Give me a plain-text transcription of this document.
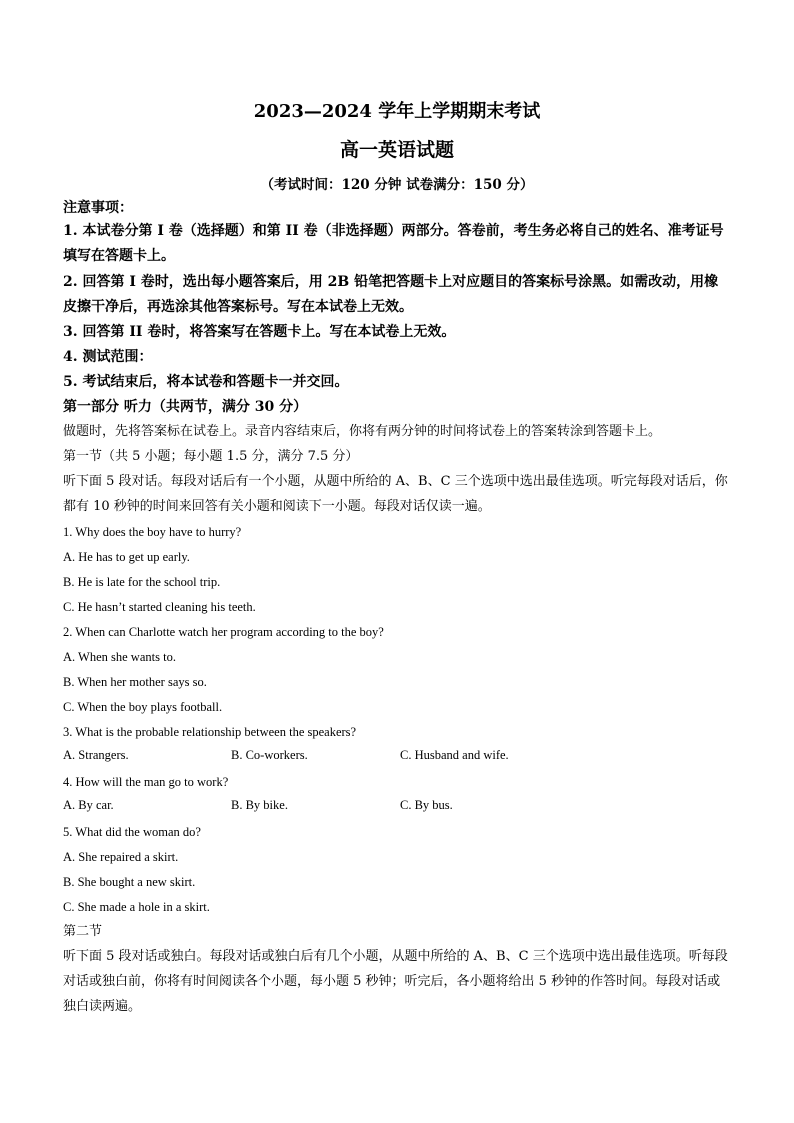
2023—2024 学年上学期期末考试
高一英语试题
（考试时间：120 分钟 试卷满分：150 分）
注意事项：
1. 本试卷分第 I 卷（选择题）和第 II 卷（非选择题）两部分。答卷前，考生务必将自己的姓名、准考证号填写在答题卡上。
2. 回答第 I 卷时，选出每小题答案后，用 2B 铅笔把答题卡上对应题目的答案标号涂黑。如需改动，用橡皮擦干净后，再选涂其他答案标号。写在本试卷上无效。
3. 回答第 II 卷时，将答案写在答题卡上。写在本试卷上无效。
4. 测试范围：
5. 考试结束后，将本试卷和答题卡一并交回。
第一部分 听力（共两节，满分 30 分）
做题时，先将答案标在试卷上。录音内容结束后，你将有两分钟的时间将试卷上的答案转涂到答题卡上。
第一节（共 5 小题；每小题 1.5 分，满分 7.5 分）
听下面 5 段对话。每段对话后有一个小题，从题中所给的 A、B、C 三个选项中选出最佳选项。听完每段对话后，你都有 10 秒钟的时间来回答有关小题和阅读下一小题。每段对话仅读一遍。
1. Why does the boy have to hurry?
A. He has to get up early.
B. He is late for the school trip.
C. He hasn’t started cleaning his teeth.
2. When can Charlotte watch her program according to the boy?
A. When she wants to.
B. When her mother says so.
C. When the boy plays football.
3. What is the probable relationship between the speakers?
A. Strangers.	B. Co-workers.	C. Husband and wife.
4. How will the man go to work?
A. By car.	B. By bike.	C. By bus.
5. What did the woman do?
A. She repaired a skirt.
B. She bought a new skirt.
C. She made a hole in a skirt.
第二节
听下面 5 段对话或独白。每段对话或独白后有几个小题，从题中所给的 A、B、C 三个选项中选出最佳选项。听每段对话或独白前，你将有时间阅读各个小题，每小题 5 秒钟；听完后，各小题将给出 5 秒钟的作答时间。每段对话或独白读两遍。
